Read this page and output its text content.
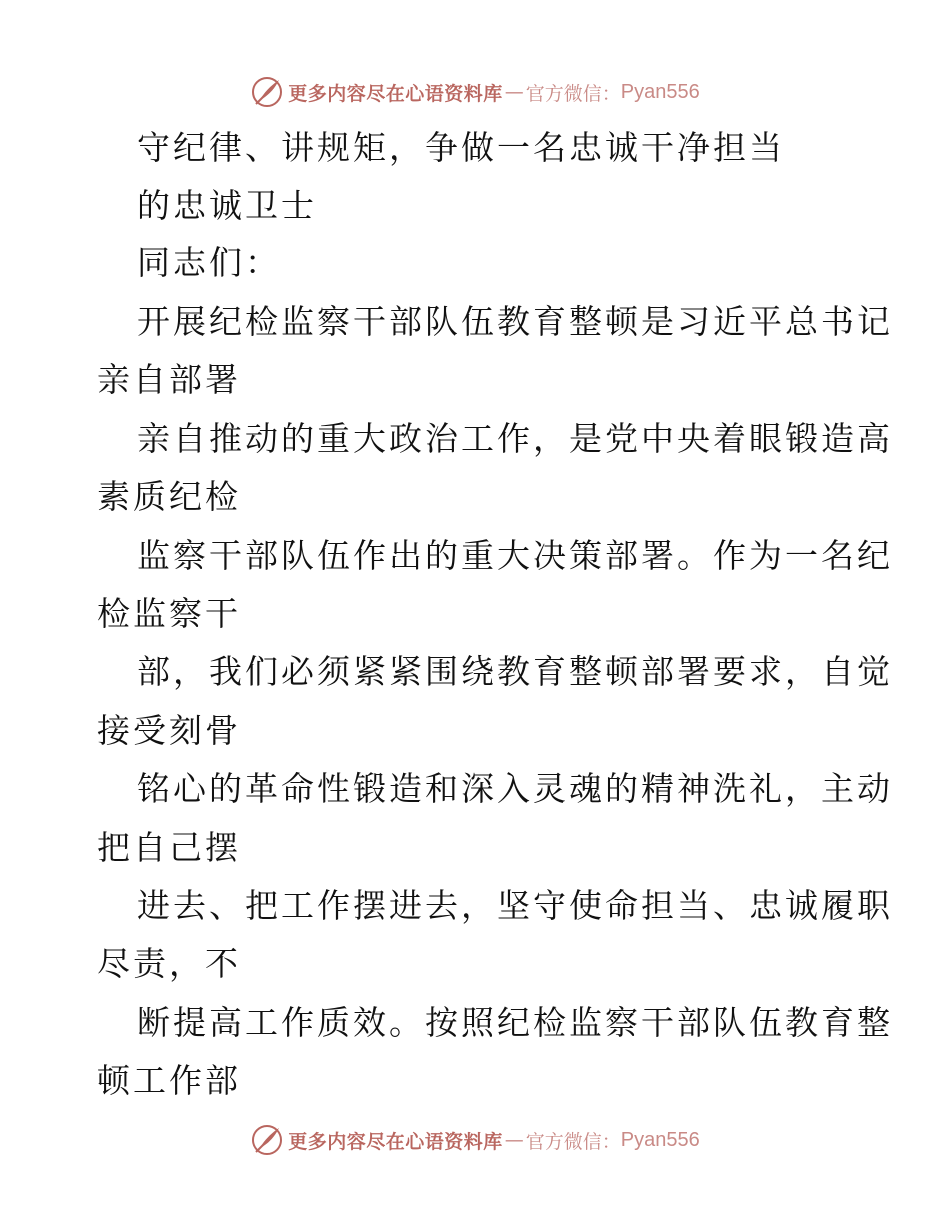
更多内容尽在心语资料库 — 官方微信： Pyan556
守纪律、讲规矩，争做一名忠诚干净担当
的忠诚卫士
同志们：
开展纪检监察干部队伍教育整顿是习近平总书记
亲自部署
亲自推动的重大政治工作，是党中央着眼锻造高
素质纪检
监察干部队伍作出的重大决策部署。作为一名纪
检监察干
部，我们必须紧紧围绕教育整顿部署要求，自觉
接受刻骨
铭心的革命性锻造和深入灵魂的精神洗礼，主动
把自己摆
进去、把工作摆进去，坚守使命担当、忠诚履职
尽责，不
断提高工作质效。按照纪检监察干部队伍教育整
顿工作部
更多内容尽在心语资料库 — 官方微信： Pyan556
